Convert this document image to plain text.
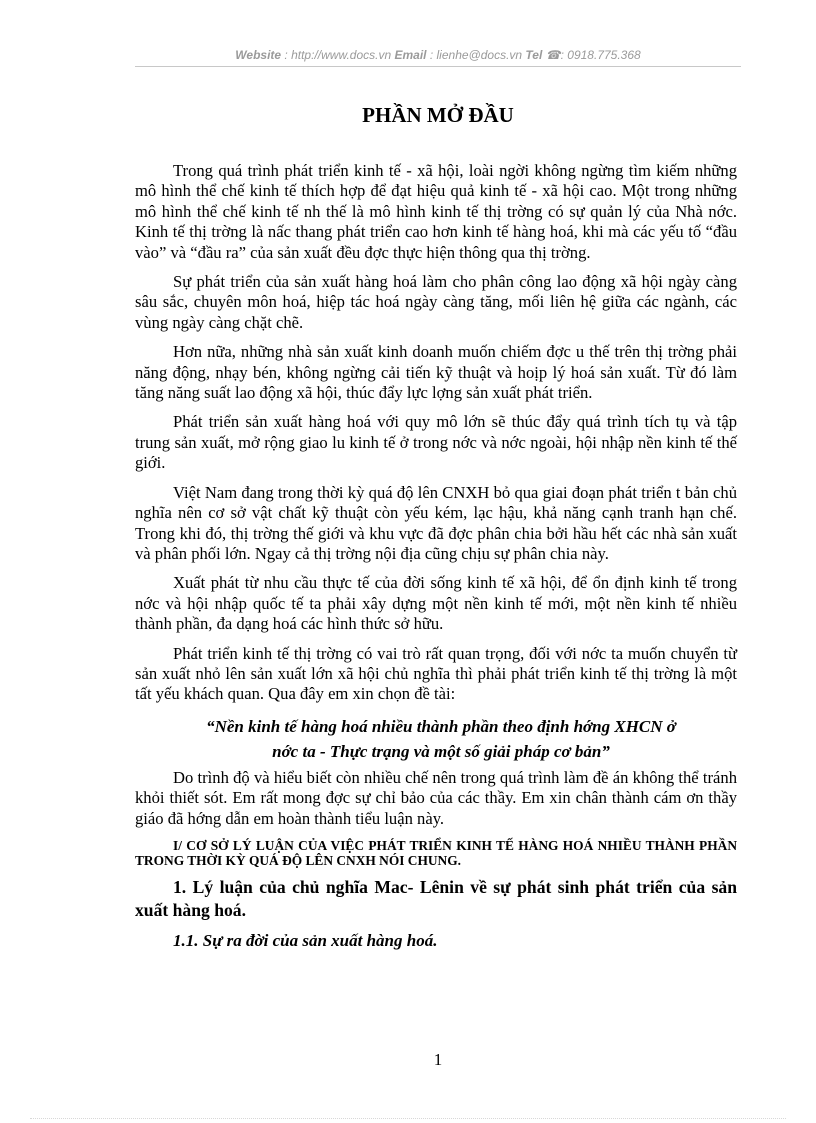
Website : http://www.docs.vn Email : lienhe@docs.vn Tel ☎: 0918.775.368
PHẦN MỞ ĐẦU

Trong quá trình phát triển kinh tế - xã hội, loài ngời không ngừng tìm kiếm những mô hình thể chế kinh tế thích hợp để đạt hiệu quả kinh tế - xã hội cao. Một trong những mô hình thể chế kinh tế nh thế là mô hình kinh tế thị trờng có sự quản lý của Nhà nớc. Kinh tế thị trờng là nấc thang phát triển cao hơn kinh tế hàng hoá, khi mà các yếu tố “đầu vào” và “đầu ra” của sản xuất đều đợc thực hiện thông qua thị trờng.

Sự phát triển của sản xuất hàng hoá làm cho phân công lao động xã hội ngày càng sâu sắc, chuyên môn hoá, hiệp tác hoá ngày càng tăng, mối liên hệ giữa các ngành, các vùng ngày càng chặt chẽ.

Hơn nữa, những nhà sản xuất kinh doanh muốn chiếm đợc u thế trên thị trờng phải năng động, nhạy bén, không ngừng cải tiến kỹ thuật và hoịp lý hoá sản xuất. Từ đó làm tăng năng suất lao động xã hội, thúc đẩy lực lợng sản xuất phát triển.

Phát triển sản xuất hàng hoá với quy mô lớn sẽ thúc đẩy quá trình tích tụ và tập trung sản xuất, mở rộng giao lu kinh tế ở trong nớc và nớc ngoài, hội nhập nền kinh tế thế giới.

Việt Nam đang trong thời kỳ quá độ lên CNXH bỏ qua giai đoạn phát triển t bản chủ nghĩa nên cơ sở vật chất kỹ thuật còn yếu kém, lạc hậu, khả năng cạnh tranh hạn chế. Trong khi đó, thị trờng thế giới và khu vực đã đợc phân chia bởi hầu hết các nhà sản xuất và phân phối lớn. Ngay cả thị trờng nội địa cũng chịu sự phân chia này.

Xuất phát từ nhu cầu thực tế của đời sống kinh tế xã hội, để ổn định kinh tế trong nớc và hội nhập quốc tế ta phải xây dựng một nền kinh tế mới, một nền kinh tế nhiều thành phần, đa dạng hoá các hình thức sở hữu.

Phát triển kinh tế thị trờng có vai trò rất quan trọng, đối với nớc ta muốn chuyển từ sản xuất nhỏ lên sản xuất lớn xã hội chủ nghĩa thì phải phát triển kinh tế thị trờng là một tất yếu khách quan. Qua đây em xin chọn đề tài:

“Nền kinh tế hàng hoá nhiều thành phần theo định hớng XHCN ở
nớc ta - Thực trạng và một số giải pháp cơ bản”

Do trình độ và hiểu biết còn nhiều chế nên trong quá trình làm đề án không thể tránh khỏi thiết sót. Em rất mong đợc sự chỉ bảo của các thầy. Em xin chân thành cám ơn thầy giáo đã hớng dẫn em hoàn thành tiểu luận này.

I/ CƠ SỞ LÝ LUẬN CỦA VIỆC PHÁT TRIỂN KINH TẾ HÀNG HOÁ NHIỀU THÀNH PHẦN TRONG THỜI KỲ QUÁ ĐỘ LÊN CNXH NÓI CHUNG.
1. Lý luận của chủ nghĩa Mac- Lênin về sự phát sinh phát triển của sản xuất hàng hoá.
1.1. Sự ra đời của sản xuất hàng hoá.
1
